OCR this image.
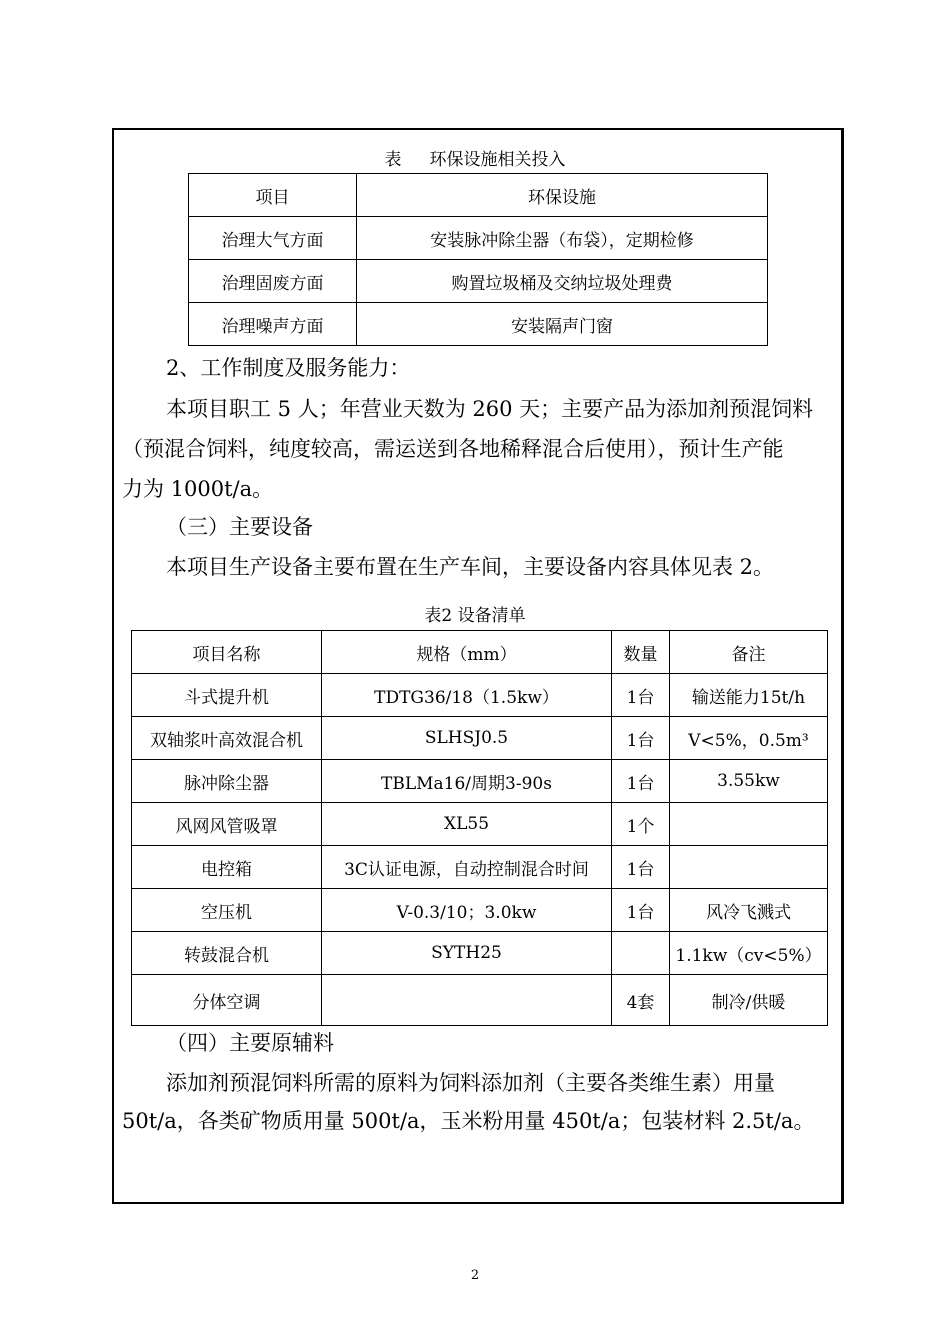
表 环保设施相关投入
项目	环保设施
治理大气方面	安装脉冲除尘器（布袋），定期检修
治理固废方面	购置垃圾桶及交纳垃圾处理费
治理噪声方面	安装隔声门窗
2、工作制度及服务能力：
本项目职工 5 人；年营业天数为 260 天；主要产品为添加剂预混饲料
（预混合饲料，纯度较高，需运送到各地稀释混合后使用），预计生产能
力为 1000t/a。
（三）主要设备
本项目生产设备主要布置在生产车间，主要设备内容具体见表 2。
表2 设备清单
项目名称	规格（mm）	数量	备注
斗式提升机	TDTG36/18（1.5kw）	1台	输送能力15t/h
双轴浆叶高效混合机	SLHSJ0.5	1台	V<5%，0.5m³
脉冲除尘器	TBLMa16/周期3-90s	1台	3.55kw
风网风管吸罩	XL55	1个	
电控箱	3C认证电源，自动控制混合时间	1台	
空压机	V-0.3/10；3.0kw	1台	风冷飞溅式
转鼓混合机	SYTH25		1.1kw（cv<5%）
分体空调		4套	制冷/供暖
（四）主要原辅料
添加剂预混饲料所需的原料为饲料添加剂（主要各类维生素）用量
50t/a，各类矿物质用量 500t/a，玉米粉用量 450t/a；包装材料 2.5t/a。
2
